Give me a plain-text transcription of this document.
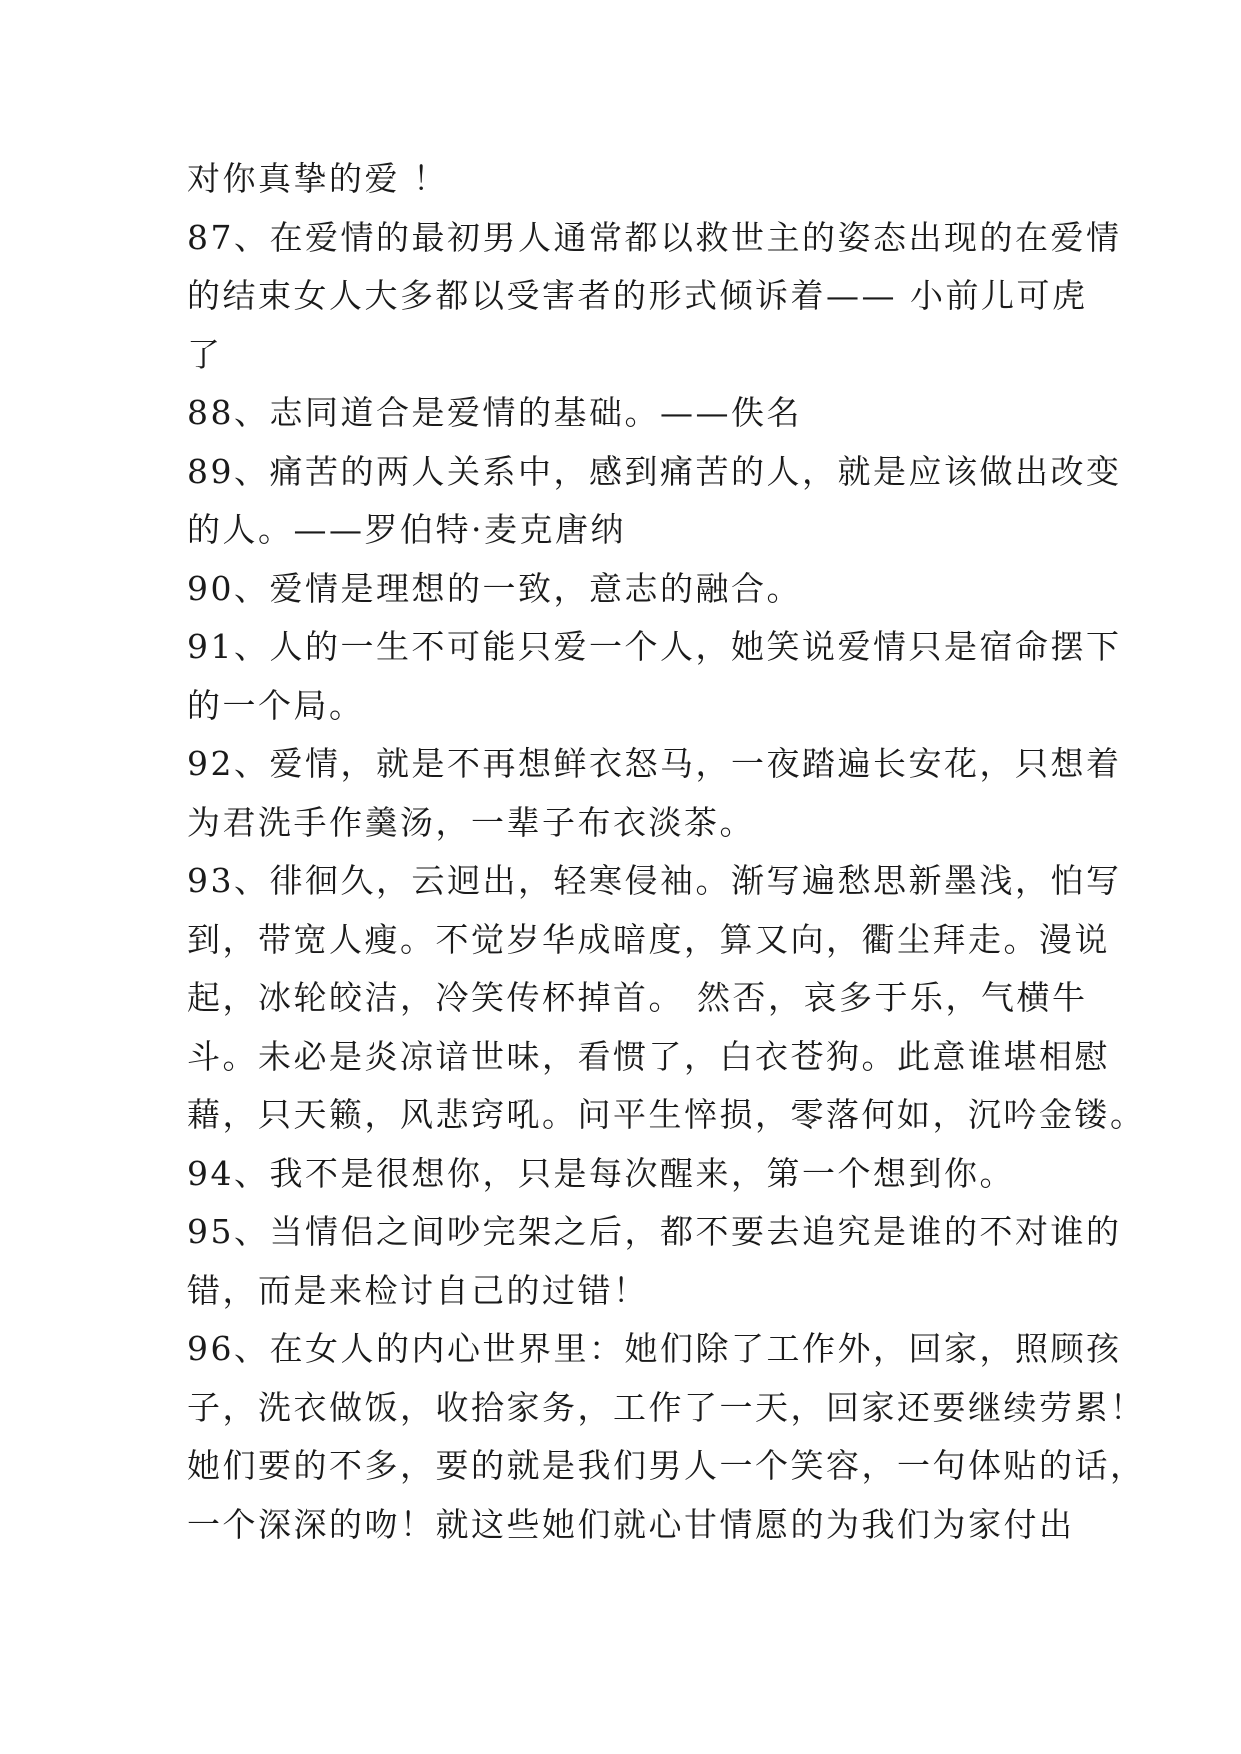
对你真挚的爱 ！
87、在爱情的最初男人通常都以救世主的姿态出现的在爱情
的结束女人大多都以受害者的形式倾诉着—— 小前儿可虎
了
88、志同道合是爱情的基础。——佚名
89、痛苦的两人关系中，感到痛苦的人，就是应该做出改变
的人。——罗伯特·麦克唐纳
90、爱情是理想的一致，意志的融合。
91、人的一生不可能只爱一个人，她笑说爱情只是宿命摆下
的一个局。
92、爱情，就是不再想鲜衣怒马，一夜踏遍长安花，只想着
为君洗手作羹汤，一辈子布衣淡茶。
93、徘徊久，云迥出，轻寒侵袖。渐写遍愁思新墨浅，怕写
到，带宽人瘦。不觉岁华成暗度，算又向，衢尘拜走。漫说
起，冰轮皎洁，冷笑传杯掉首。 然否，哀多于乐，气横牛
斗。未必是炎凉谙世味，看惯了，白衣苍狗。此意谁堪相慰
藉，只天籁，风悲窍吼。问平生悴损，零落何如，沉吟金镂。
94、我不是很想你，只是每次醒来，第一个想到你。
95、当情侣之间吵完架之后，都不要去追究是谁的不对谁的
错，而是来检讨自己的过错！
96、在女人的内心世界里：她们除了工作外，回家，照顾孩
子，洗衣做饭，收拾家务，工作了一天，回家还要继续劳累！
她们要的不多，要的就是我们男人一个笑容，一句体贴的话，
一个深深的吻！就这些她们就心甘情愿的为我们为家付出
